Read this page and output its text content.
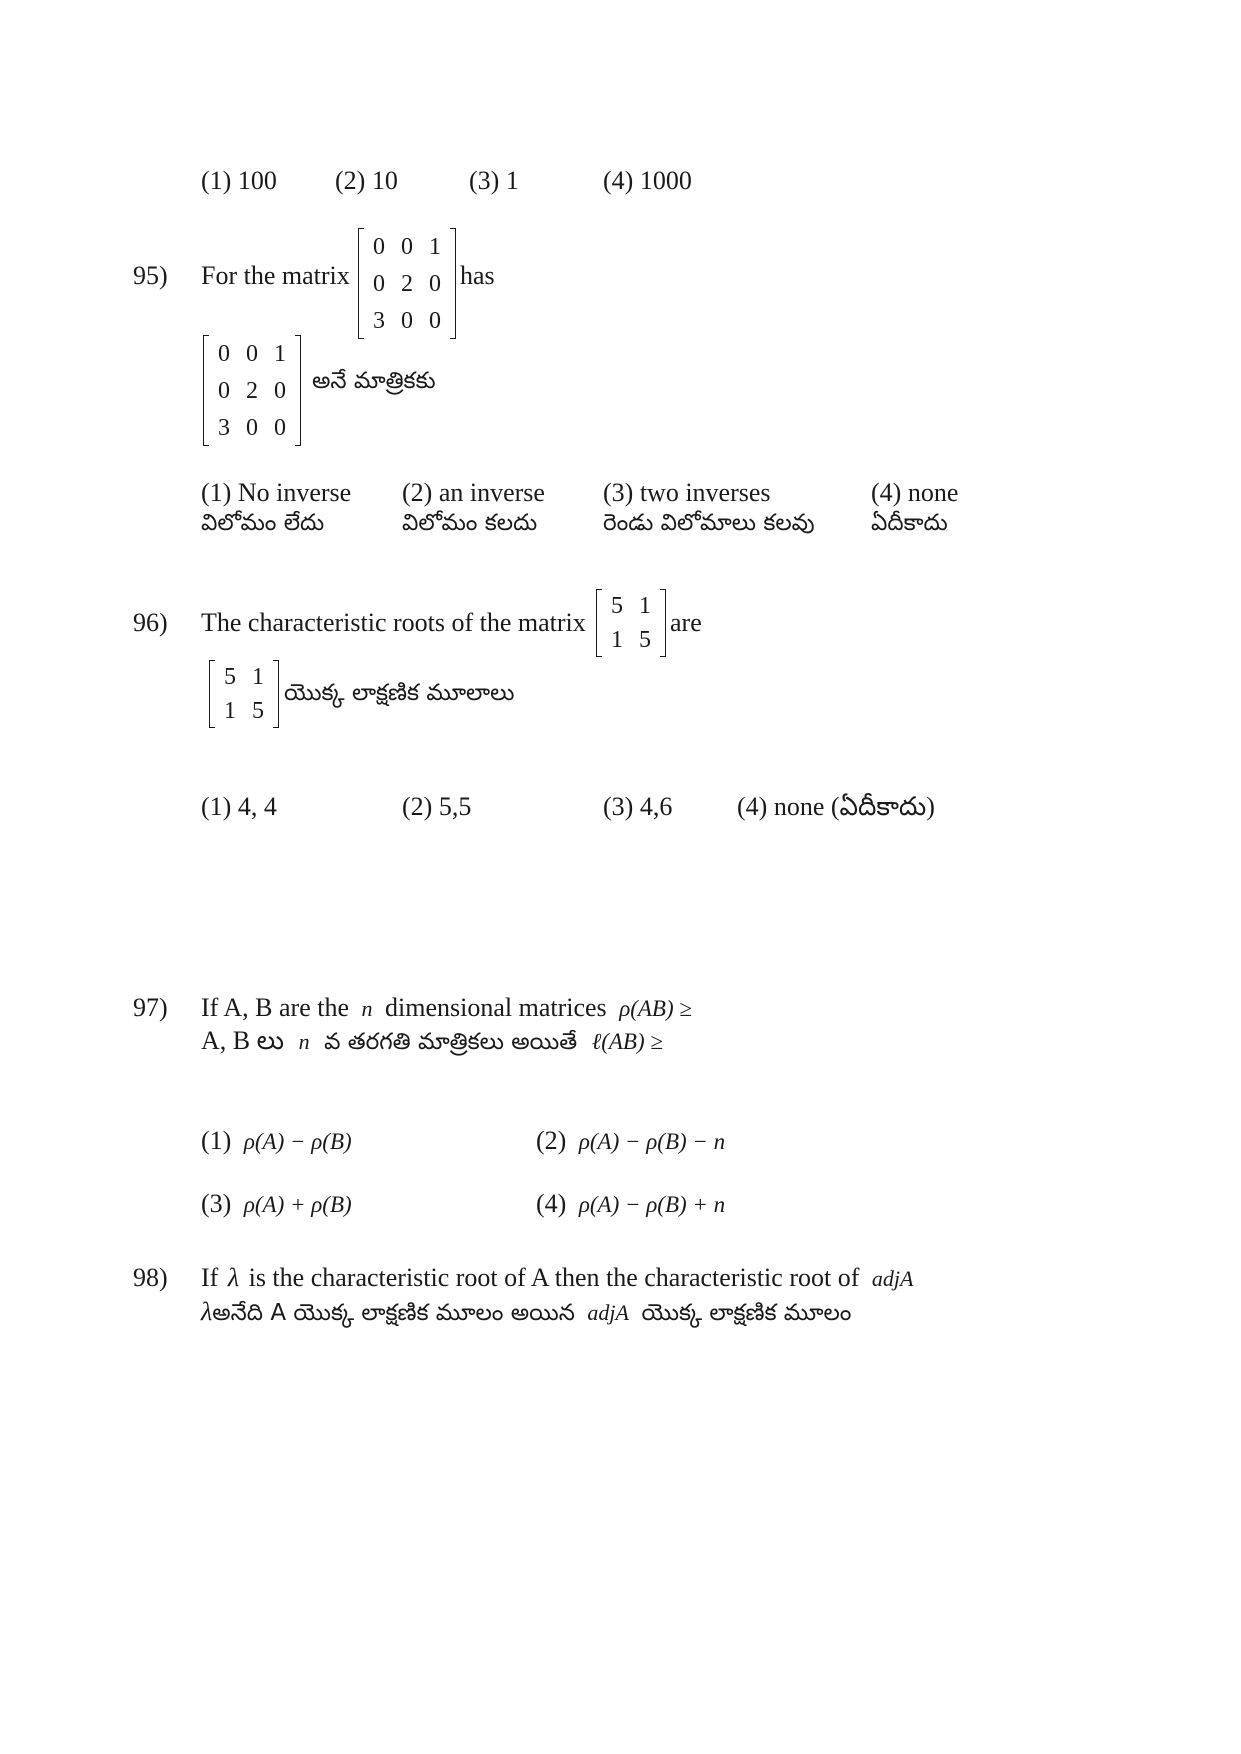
(1) 100 (2) 10	(3) 1	(4) 1000
95) For the matrix
0	0	1
0	2	0
3	0	0
has
0	0	1
0	2	0
3	0	0
అనే మాత్రికకు
(1) No inverse
విలోమం లేదు
(2) an inverse
విలోమం కలదు
(3) two inverses
రెండు విలోమాలు కలవు
(4) none
ఏదీకాదు
96) The characteristic roots of the matrix
5	1
1	5
are
5	1
1	5
యొక్క లాక్షణిక మూలాలు
(1) 4, 4	(2) 5,5	(3) 4,6 (4) none (ఏదీకాదు)
97) If A, B are the n dimensional matrices ρ(AB) ≥
A, B లు n వ తరగతి మాత్రికలు అయితే ℓ(AB) ≥
(1) ρ(A) − ρ(B)	(2) ρ(A) − ρ(B) − n
(3) ρ(A) + ρ(B)	(4) ρ(A) − ρ(B) + n
98) If λ is the characteristic root of A then the characteristic root of adjA
λఅనేది A యొక్క లాక్షణిక మూలం అయిన adjA యొక్క లాక్షణిక మూలం
